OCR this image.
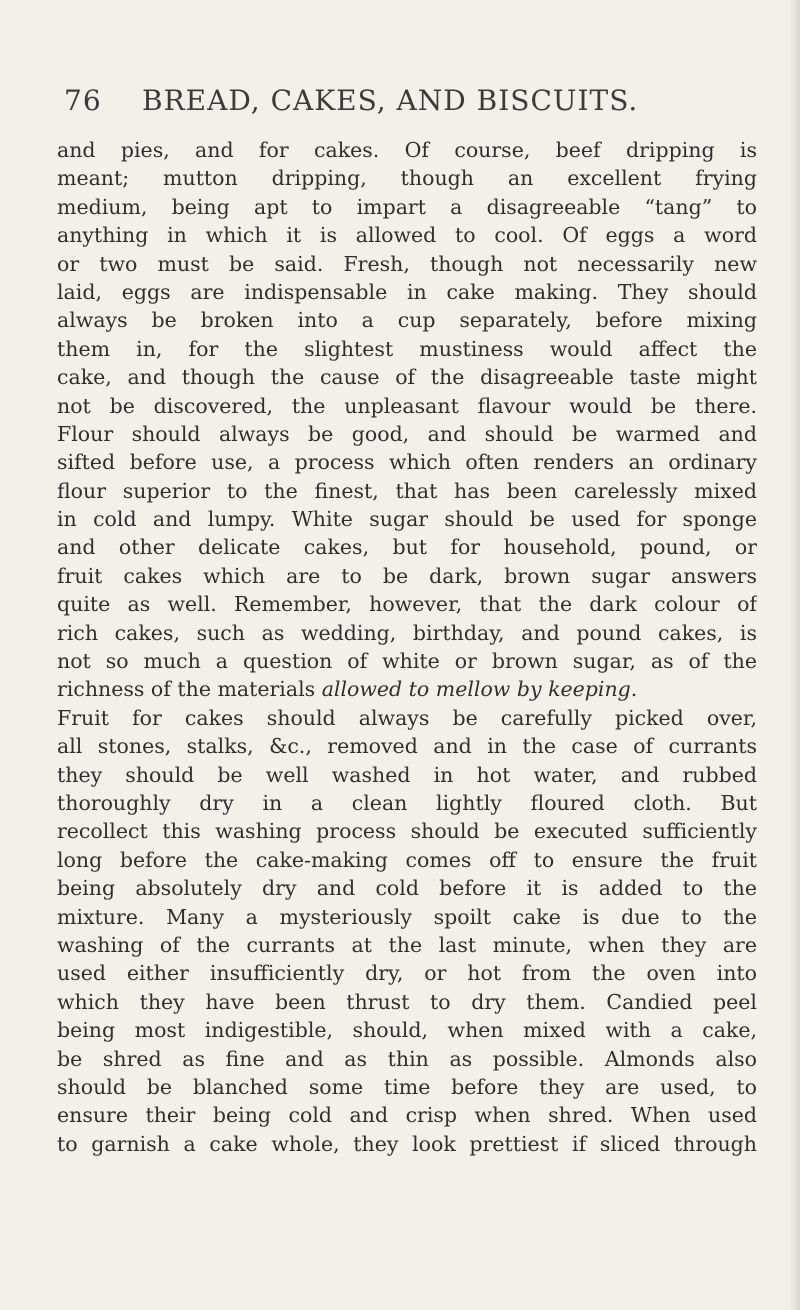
76 BREAD, CAKES, AND BISCUITS.
and pies, and for cakes. Of course, beef dripping is
meant; mutton dripping, though an excellent frying
medium, being apt to impart a disagreeable “tang” to
anything in which it is allowed to cool. Of eggs a word
or two must be said. Fresh, though not necessarily new
laid, eggs are indispensable in cake making. They should
always be broken into a cup separately, before mixing
them in, for the slightest mustiness would affect the
cake, and though the cause of the disagreeable taste might
not be discovered, the unpleasant flavour would be there.
Flour should always be good, and should be warmed and
sifted before use, a process which often renders an ordinary
flour superior to the finest, that has been carelessly mixed
in cold and lumpy. White sugar should be used for sponge
and other delicate cakes, but for household, pound, or
fruit cakes which are to be dark, brown sugar answers
quite as well. Remember, however, that the dark colour of
rich cakes, such as wedding, birthday, and pound cakes, is
not so much a question of white or brown sugar, as of the
richness of the materials allowed to mellow by keeping.
Fruit for cakes should always be carefully picked over,
all stones, stalks, &c., removed and in the case of currants
they should be well washed in hot water, and rubbed
thoroughly dry in a clean lightly floured cloth. But
recollect this washing process should be executed sufficiently
long before the cake-making comes off to ensure the fruit
being absolutely dry and cold before it is added to the
mixture. Many a mysteriously spoilt cake is due to the
washing of the currants at the last minute, when they are
used either insufficiently dry, or hot from the oven into
which they have been thrust to dry them. Candied peel
being most indigestible, should, when mixed with a cake,
be shred as fine and as thin as possible. Almonds also
should be blanched some time before they are used, to
ensure their being cold and crisp when shred. When used
to garnish a cake whole, they look prettiest if sliced through
